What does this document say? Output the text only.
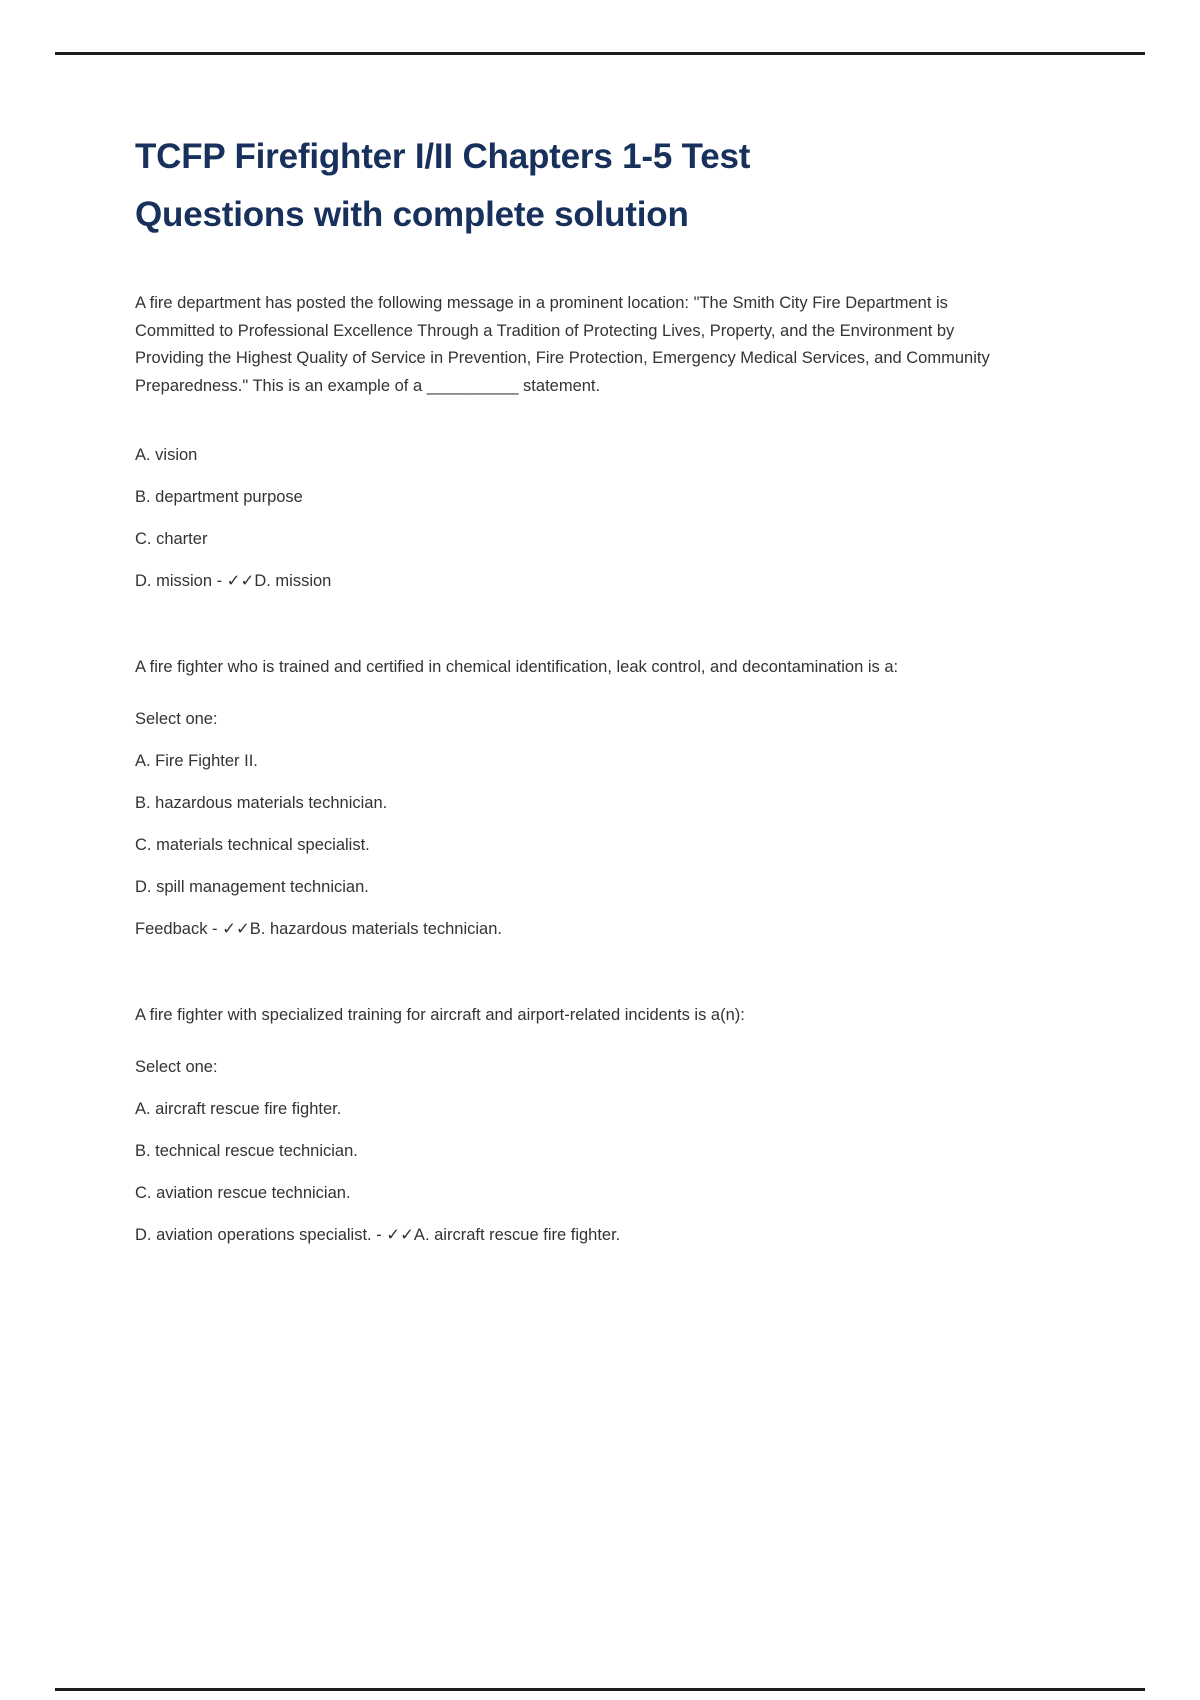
TCFP Firefighter I/II Chapters 1-5 Test
Questions with complete solution

A fire department has posted the following message in a prominent location: "The Smith City Fire Department is Committed to Professional Excellence Through a Tradition of Protecting Lives, Property, and the Environment by Providing the Highest Quality of Service in Prevention, Fire Protection, Emergency Medical Services, and Community Preparedness." This is an example of a __________ statement.

A. vision

B. department purpose

C. charter

D. mission - ✓✓D. mission

A fire fighter who is trained and certified in chemical identification, leak control, and decontamination is a:

Select one:

A. Fire Fighter II.

B. hazardous materials technician.

C. materials technical specialist.

D. spill management technician.

Feedback - ✓✓B. hazardous materials technician.

A fire fighter with specialized training for aircraft and airport-related incidents is a(n):

Select one:

A. aircraft rescue fire fighter.

B. technical rescue technician.

C. aviation rescue technician.

D. aviation operations specialist. - ✓✓A. aircraft rescue fire fighter.
